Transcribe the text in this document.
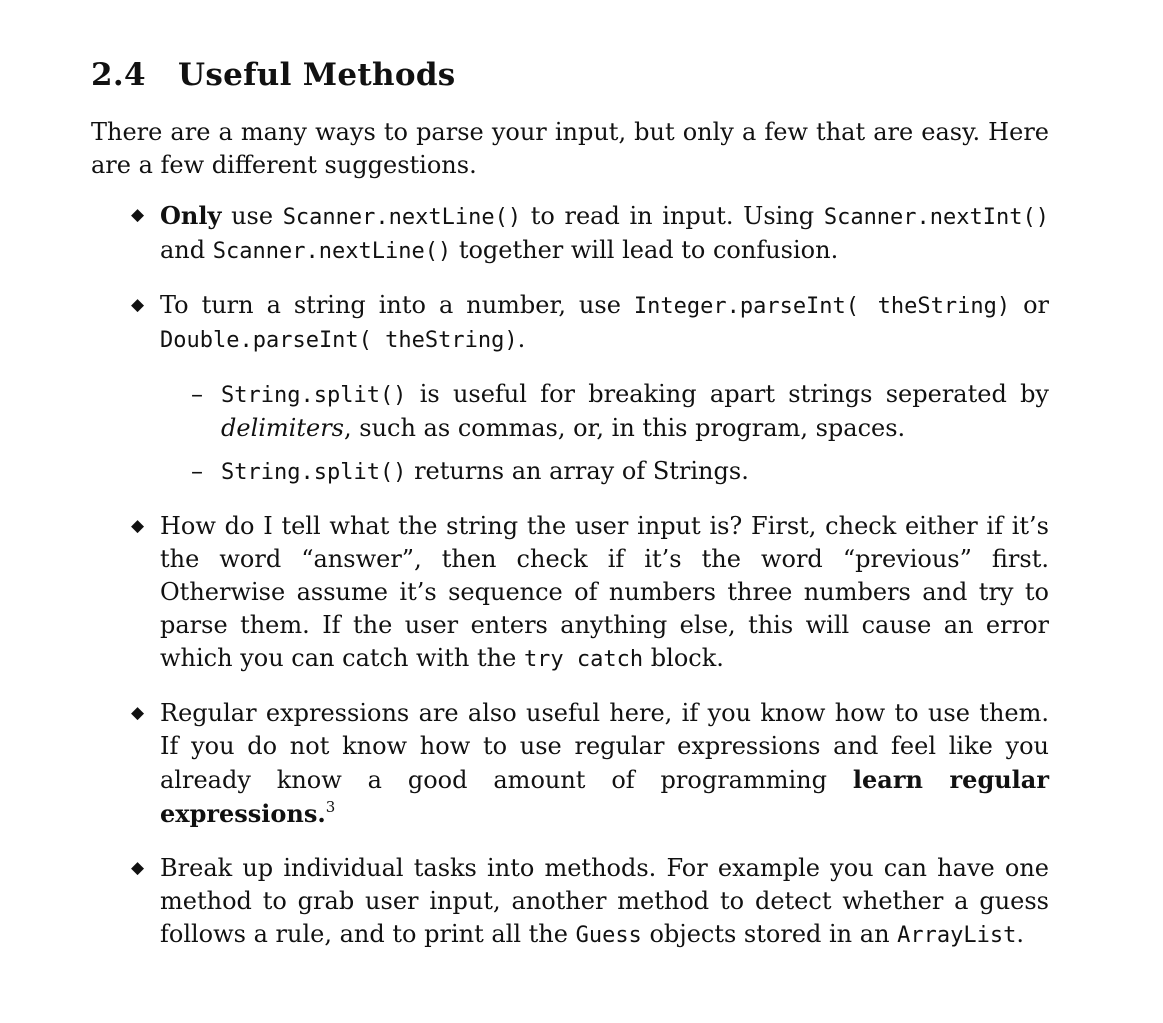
2.4 Useful Methods

There are a many ways to parse your input, but only a few that are easy. Here are a few different suggestions.

◆ Only use Scanner.nextLine() to read in input. Using Scanner.nextInt() and Scanner.nextLine() together will lead to confusion.
◆ To turn a string into a number, use Integer.parseInt( theString) or Double.parseInt( theString).
– String.split() is useful for breaking apart strings seperated by delimiters, such as commas, or, in this program, spaces.
– String.split() returns an array of Strings.
◆ How do I tell what the string the user input is? First, check either if it’s the word “answer”, then check if it’s the word “previous” first. Otherwise assume it’s sequence of numbers three numbers and try to parse them. If the user enters anything else, this will cause an error which you can catch with the try catch block.
◆ Regular expressions are also useful here, if you know how to use them. If you do not know how to use regular expressions and feel like you already know a good amount of programming learn regular expressions.$^3$
◆ Break up individual tasks into methods. For example you can have one method to grab user input, another method to detect whether a guess follows a rule, and to print all the Guess objects stored in an ArrayList.
